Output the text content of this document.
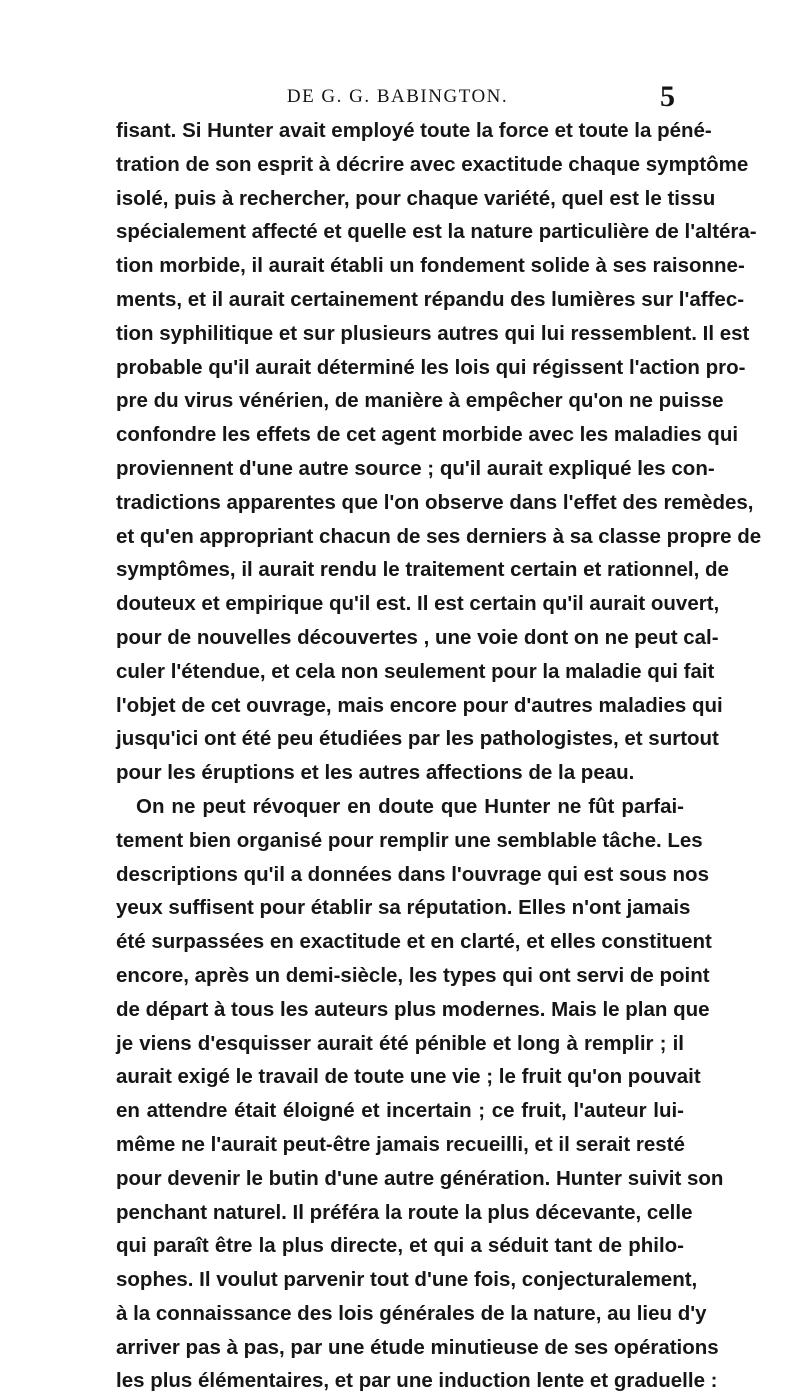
DE G. G. BABINGTON.	5
fisant. Si Hunter avait employé toute la force et toute la péné-
tration de son esprit à décrire avec exactitude chaque symptôme
isolé, puis à rechercher, pour chaque variété, quel est le tissu
spécialement affecté et quelle est la nature particulière de l'altéra-
tion morbide, il aurait établi un fondement solide à ses raisonne-
ments, et il aurait certainement répandu des lumières sur l'affec-
tion syphilitique et sur plusieurs autres qui lui ressemblent. Il est
probable qu'il aurait déterminé les lois qui régissent l'action pro-
pre du virus vénérien, de manière à empêcher qu'on ne puisse
confondre les effets de cet agent morbide avec les maladies qui
proviennent d'une autre source ; qu'il aurait expliqué les con-
tradictions apparentes que l'on observe dans l'effet des remèdes,
et qu'en appropriant chacun de ses derniers à sa classe propre de
symptômes, il aurait rendu le traitement certain et rationnel, de
douteux et empirique qu'il est. Il est certain qu'il aurait ouvert,
pour de nouvelles découvertes , une voie dont on ne peut cal-
culer l'étendue, et cela non seulement pour la maladie qui fait
l'objet de cet ouvrage, mais encore pour d'autres maladies qui
jusqu'ici ont été peu étudiées par les pathologistes, et surtout
pour les éruptions et les autres affections de la peau.
On ne peut révoquer en doute que Hunter ne fût parfai-
tement bien organisé pour remplir une semblable tâche. Les
descriptions qu'il a données dans l'ouvrage qui est sous nos
yeux suffisent pour établir sa réputation. Elles n'ont jamais
été surpassées en exactitude et en clarté, et elles constituent
encore, après un demi-siècle, les types qui ont servi de point
de départ à tous les auteurs plus modernes. Mais le plan que
je viens d'esquisser aurait été pénible et long à remplir ; il
aurait exigé le travail de toute une vie ; le fruit qu'on pouvait
en attendre était éloigné et incertain ; ce fruit, l'auteur lui-
même ne l'aurait peut-être jamais recueilli, et il serait resté
pour devenir le butin d'une autre génération. Hunter suivit son
penchant naturel. Il préféra la route la plus décevante, celle
qui paraît être la plus directe, et qui a séduit tant de philo-
sophes. Il voulut parvenir tout d'une fois, conjecturalement,
à la connaissance des lois générales de la nature, au lieu d'y
arriver pas à pas, par une étude minutieuse de ses opérations
les plus élémentaires, et par une induction lente et graduelle :
